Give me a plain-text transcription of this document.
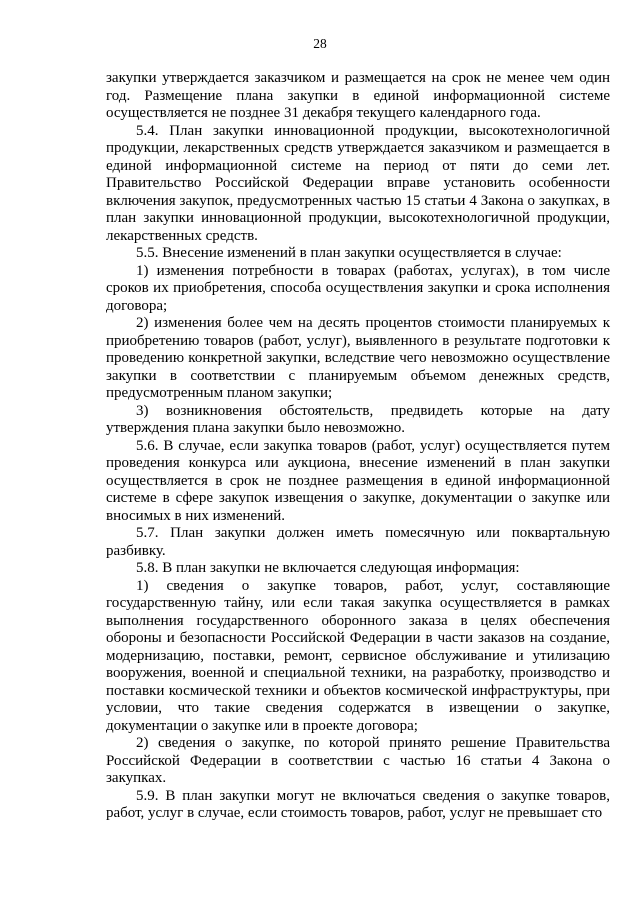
28

закупки утверждается заказчиком и размещается на срок не менее чем один год. Размещение плана закупки в единой информационной системе осуществляется не позднее 31 декабря текущего календарного года.

5.4. План закупки инновационной продукции, высокотехнологичной продукции, лекарственных средств утверждается заказчиком и размещается в единой информационной системе на период от пяти до семи лет. Правительство Российской Федерации вправе установить особенности включения закупок, предусмотренных частью 15 статьи 4 Закона о закупках, в план закупки инновационной продукции, высокотехнологичной продукции, лекарственных средств.

5.5. Внесение изменений в план закупки осуществляется в случае:

1) изменения потребности в товарах (работах, услугах), в том числе сроков их приобретения, способа осуществления закупки и срока исполнения договора;

2) изменения более чем на десять процентов стоимости планируемых к приобретению товаров (работ, услуг), выявленного в результате подготовки к проведению конкретной закупки, вследствие чего невозможно осуществление закупки в соответствии с планируемым объемом денежных средств, предусмотренным планом закупки;

3) возникновения обстоятельств, предвидеть которые на дату утверждения плана закупки было невозможно.

5.6. В случае, если закупка товаров (работ, услуг) осуществляется путем проведения конкурса или аукциона, внесение изменений в план закупки осуществляется в срок не позднее размещения в единой информационной системе в сфере закупок извещения о закупке, документации о закупке или вносимых в них изменений.

5.7. План закупки должен иметь помесячную или поквартальную разбивку.

5.8. В план закупки не включается следующая информация:

1) сведения о закупке товаров, работ, услуг, составляющие государственную тайну, или если такая закупка осуществляется в рамках выполнения государственного оборонного заказа в целях обеспечения обороны и безопасности Российской Федерации в части заказов на создание, модернизацию, поставки, ремонт, сервисное обслуживание и утилизацию вооружения, военной и специальной техники, на разработку, производство и поставки космической техники и объектов космической инфраструктуры, при условии, что такие сведения содержатся в извещении о закупке, документации о закупке или в проекте договора;

2) сведения о закупке, по которой принято решение Правительства Российской Федерации в соответствии с частью 16 статьи 4 Закона о закупках.

5.9. В план закупки могут не включаться сведения о закупке товаров, работ, услуг в случае, если стоимость товаров, работ, услуг не превышает сто
